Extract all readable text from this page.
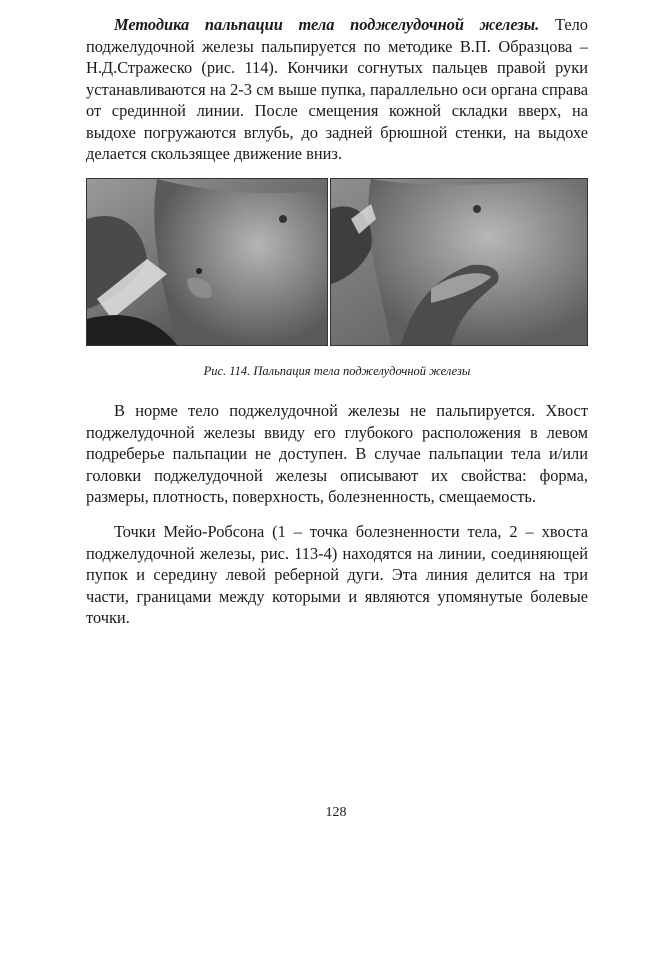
Методика пальпации тела поджелудочной железы. Тело поджелудочной железы пальпируется по методике В.П. Образцова – Н.Д.Стражеско (рис. 114). Кончики согнутых пальцев правой руки устанавливаются на 2-3 см выше пупка, параллельно оси органа справа от срединной линии. После смещения кожной складки вверх, на выдохе погружаются вглубь, до задней брюшной стенки, на выдохе делается скользящее движение вниз.

Рис. 114. Пальпация тела поджелудочной железы

В норме тело поджелудочной железы не пальпируется. Хвост поджелудочной железы ввиду его глубокого расположения в левом подреберье пальпации не доступен. В случае пальпации тела и/или головки поджелудочной железы описывают их свойства: форма, размеры, плотность, поверхность, болезненность, смещаемость.

Точки Мейо-Робсона (1 – точка болезненности тела, 2 – хвоста поджелудочной железы, рис. 113-4) находятся на линии, соединяющей пупок и середину левой реберной дуги. Эта линия делится на три части, границами между которыми и являются упомянутые болевые точки.

128
